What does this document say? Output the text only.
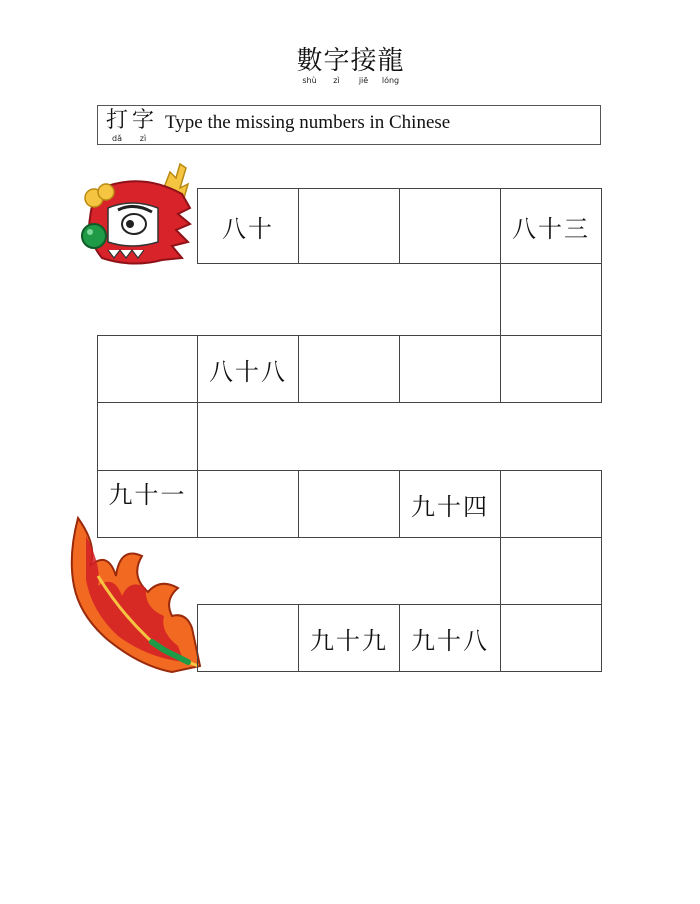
數
shù
字
zì
接
jiē
龍
lóng
打
dǎ
字
zì
Type the missing numbers in Chinese
八十	八十三
八十八
九十一	九十四
九十八
九十九
